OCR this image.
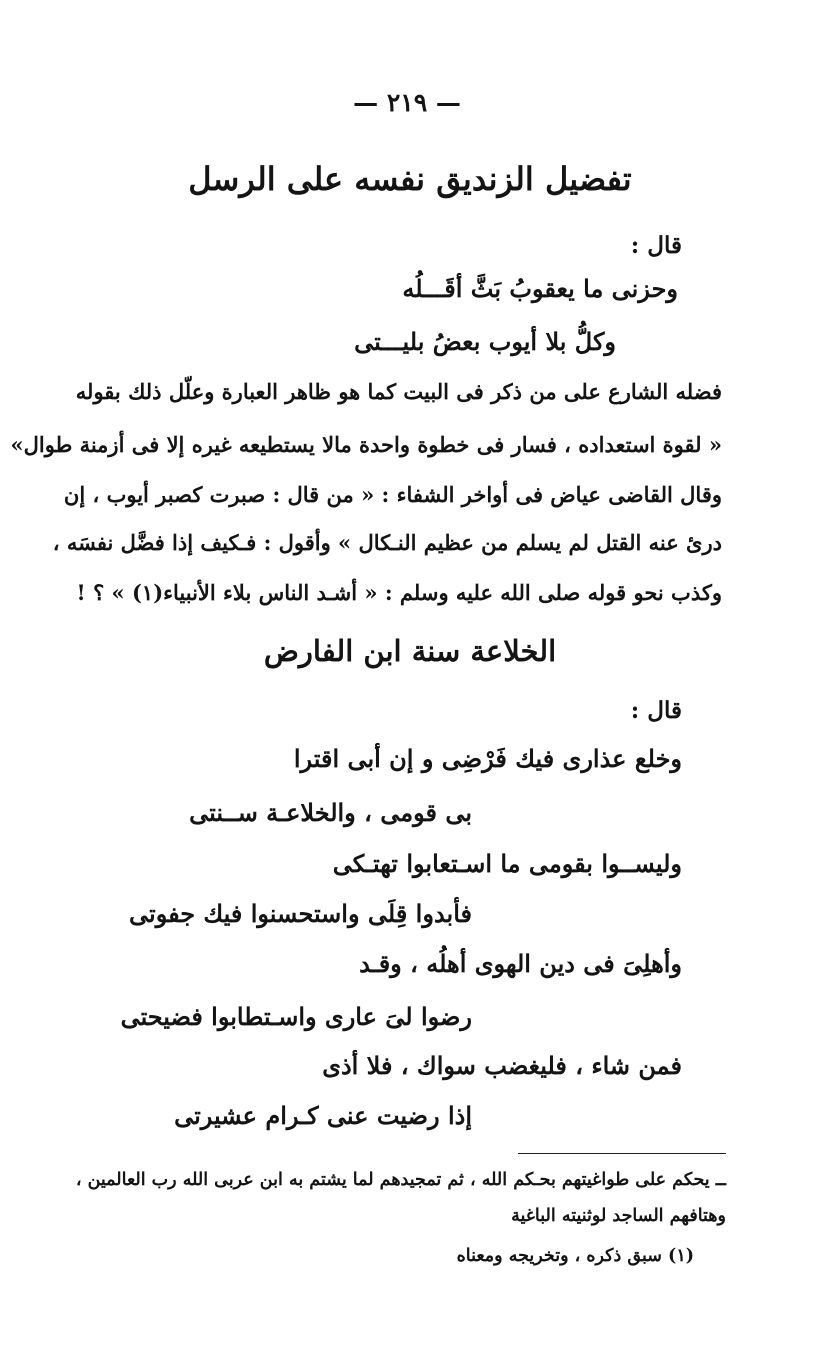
— ٢١٩ —
تفضيل الزنديق نفسه على الرسل
قال :
وحزنى ما يعقوبُ بَثَّ أقَـــلُه
وكلُّ بلا أيوب بعضُ بليـــتى
فضله الشارع على من ذكر فى البيت كما هو ظاهر العبارة وعلّل ذلك بقوله
« لقوة استعداده ، فسار فى خطوة واحدة مالا يستطيعه غيره إلا فى أزمنة طوال»
وقال القاضى عياض فى أواخر الشفاء : « من قال : صبرت كصبر أيوب ، إن
درئ عنه القتل لم يسلم من عظيم النـكال » وأقول : فـكيف إذا فضَّل نفسَه ،
وكذب نحو قوله صلى الله عليه وسلم : « أشـد الناس بلاء الأنبياء(١) » ؟ !
الخلاعة سنة ابن الفارض
قال :
وخلع عذارى فيك فَرْضِى و إن أبى اقترا
بى قومى ، والخلاعـة ســنتى
وليســوا بقومى ما اسـتعابوا تهتـكى
فأبدوا قِلَى واستحسنوا فيك جفوتى
وأهلِىَ فى دين الهوى أهلُه ، وقـد
رضوا لىَ عارى واسـتطابوا فضيحتى
فمن شاء ، فليغضب سواك ، فلا أذى
إذا رضيت عنى كـرام عشيرتى
ــ يحكم على طواغيتهم بحـكم الله ، ثم تمجيدهم لما يشتم به ابن عربى الله رب العالمين ،
وهتافهم الساجد لوثنيته الباغية
(١) سبق ذكره ، وتخريجه ومعناه
